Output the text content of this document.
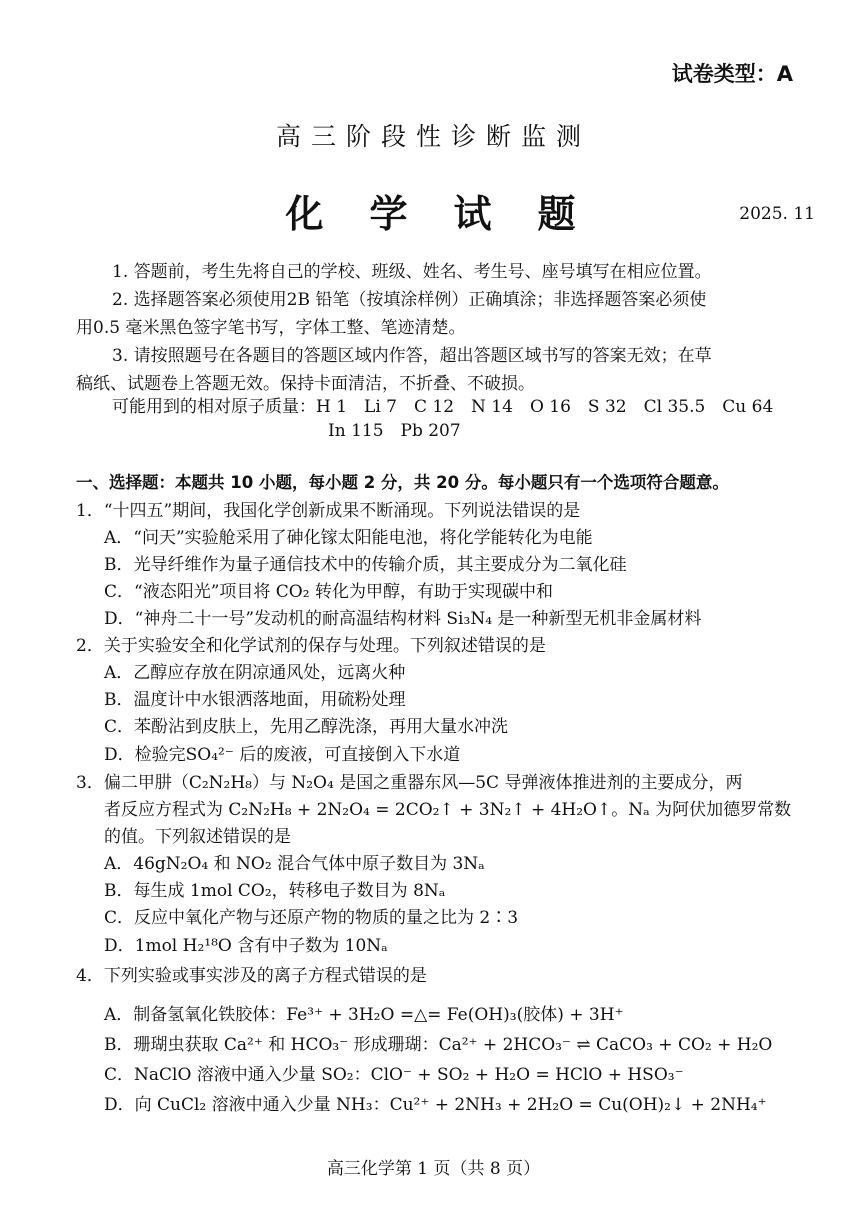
试卷类型：A
高三阶段性诊断监测
化学试题	2025. 11
1. 答题前，考生先将自己的学校、班级、姓名、考生号、座号填写在相应位置。
2. 选择题答案必须使用2B 铅笔（按填涂样例）正确填涂；非选择题答案必须使
用0.5 毫米黑色签字笔书写，字体工整、笔迹清楚。
3. 请按照题号在各题目的答题区域内作答，超出答题区域书写的答案无效；在草
稿纸、试题卷上答题无效。保持卡面清洁，不折叠、不破损。
可能用到的相对原子质量：H 1　Li 7　C 12　N 14　O 16　S 32　Cl 35.5　Cu 64
In 115　Pb 207
一、选择题：本题共 10 小题，每小题 2 分，共 20 分。每小题只有一个选项符合题意。
1．“十四五”期间，我国化学创新成果不断涌现。下列说法错误的是
A．“问天”实验舱采用了砷化镓太阳能电池，将化学能转化为电能
B．光导纤维作为量子通信技术中的传输介质，其主要成分为二氧化硅
C．“液态阳光”项目将 CO₂ 转化为甲醇，有助于实现碳中和
D．“神舟二十一号”发动机的耐高温结构材料 Si₃N₄ 是一种新型无机非金属材料
2．关于实验安全和化学试剂的保存与处理。下列叙述错误的是
A．乙醇应存放在阴凉通风处，远离火种
B．温度计中水银洒落地面，用硫粉处理
C．苯酚沾到皮肤上，先用乙醇洗涤，再用大量水冲洗
D．检验完SO₄²⁻ 后的废液，可直接倒入下水道
3．偏二甲肼（C₂N₂H₈）与 N₂O₄ 是国之重器东风—5C 导弹液体推进剂的主要成分，两
者反应方程式为 C₂N₂H₈ + 2N₂O₄ = 2CO₂↑ + 3N₂↑ + 4H₂O↑。Nₐ 为阿伏加德罗常数
的值。下列叙述错误的是
A．46gN₂O₄ 和 NO₂ 混合气体中原子数目为 3Nₐ
B．每生成 1mol CO₂，转移电子数目为 8Nₐ
C．反应中氧化产物与还原产物的物质的量之比为 2∶3
D．1mol H₂¹⁸O 含有中子数为 10Nₐ
4．下列实验或事实涉及的离子方程式错误的是
A．制备氢氧化铁胶体：Fe³⁺ + 3H₂O =△= Fe(OH)₃(胶体) + 3H⁺
B．珊瑚虫获取 Ca²⁺ 和 HCO₃⁻ 形成珊瑚：Ca²⁺ + 2HCO₃⁻ ⇌ CaCO₃ + CO₂ + H₂O
C．NaClO 溶液中通入少量 SO₂：ClO⁻ + SO₂ + H₂O = HClO + HSO₃⁻
D．向 CuCl₂ 溶液中通入少量 NH₃：Cu²⁺ + 2NH₃ + 2H₂O = Cu(OH)₂↓ + 2NH₄⁺
高三化学第 1 页（共 8 页）
